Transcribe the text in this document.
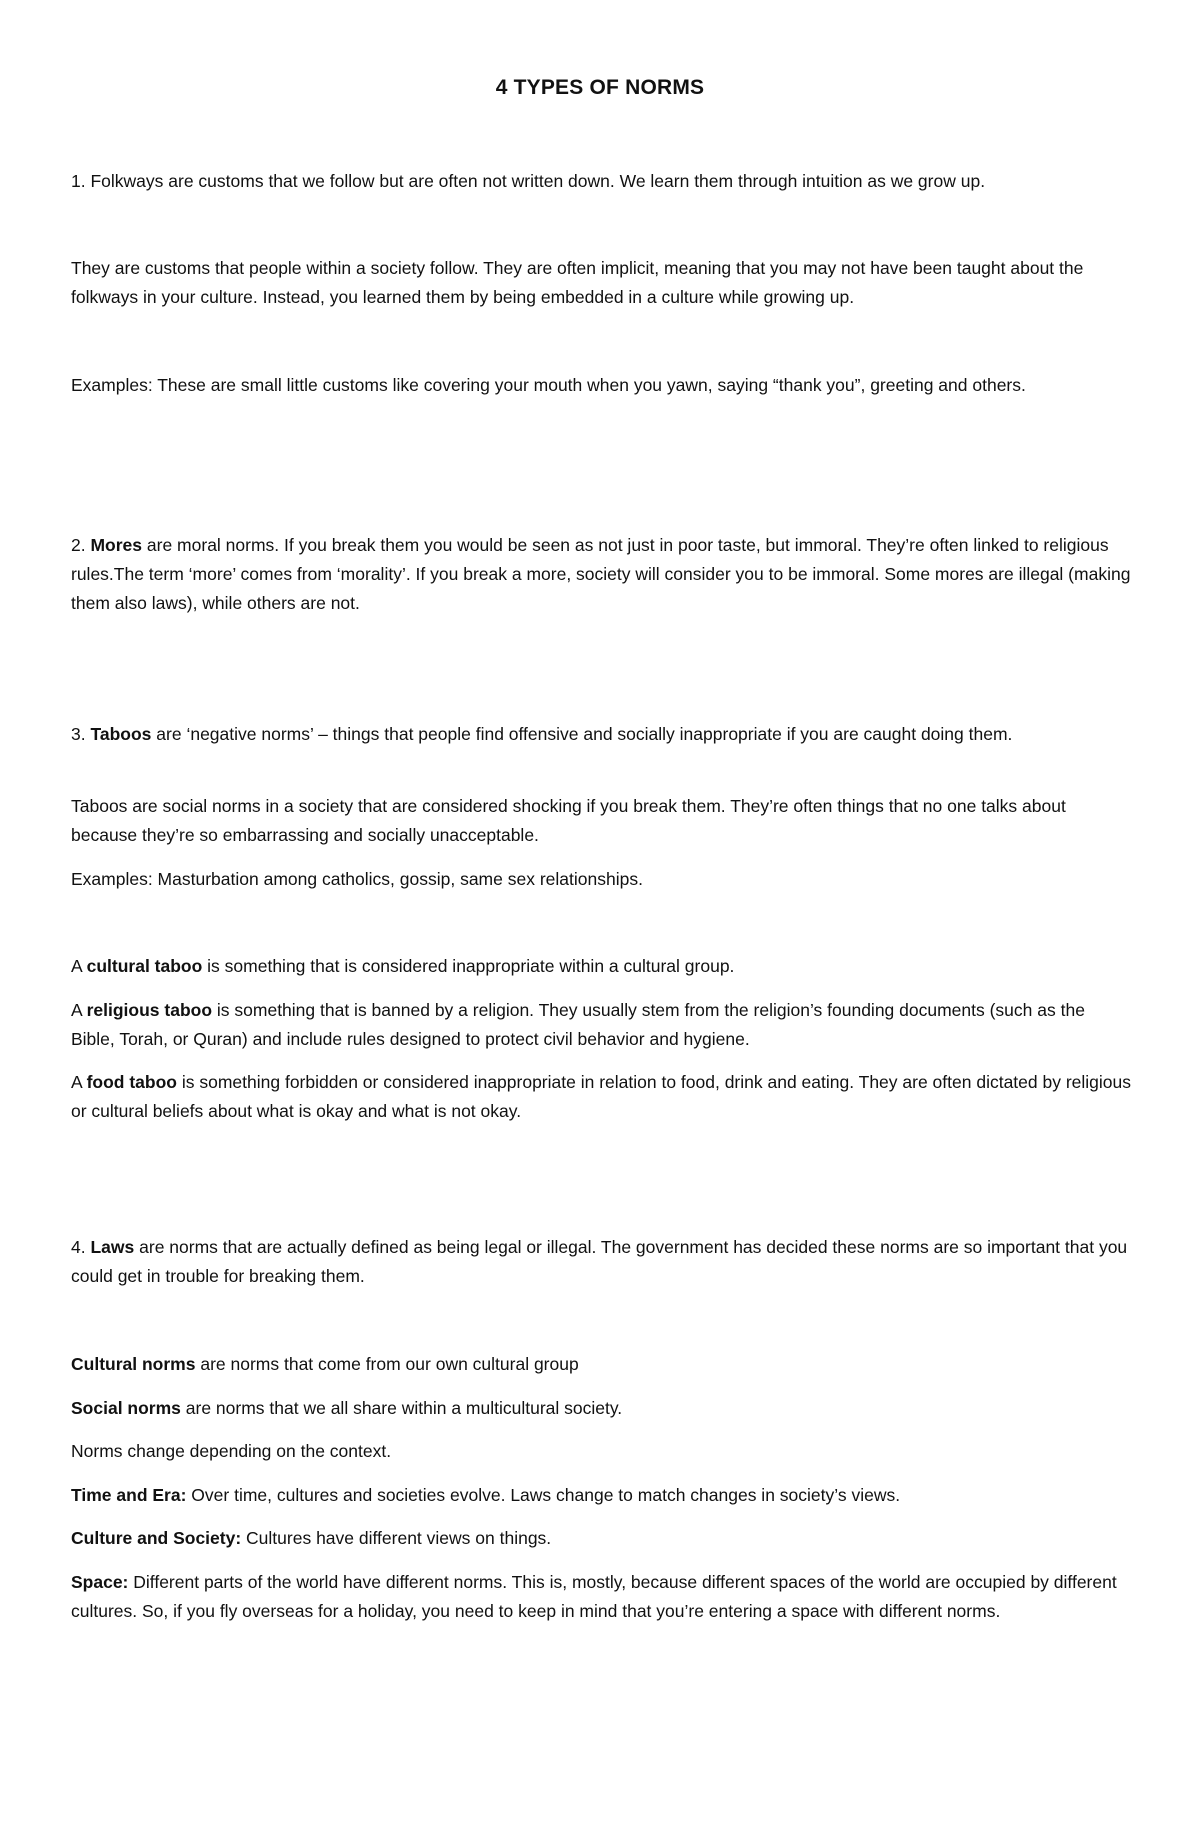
4 TYPES OF NORMS

1. Folkways are customs that we follow but are often not written down. We learn them through intuition as we grow up.

They are customs that people within a society follow. They are often implicit, meaning that you may not have been taught about the folkways in your culture. Instead, you learned them by being embedded in a culture while growing up.

Examples: These are small little customs like covering your mouth when you yawn, saying “thank you”, greeting and others.

2. Mores are moral norms. If you break them you would be seen as not just in poor taste, but immoral. They’re often linked to religious rules.The term ‘more’ comes from ‘morality’. If you break a more, society will consider you to be immoral. Some mores are illegal (making them also laws), while others are not.

3. Taboos are ‘negative norms’ – things that people find offensive and socially inappropriate if you are caught doing them.

Taboos are social norms in a society that are considered shocking if you break them. They’re often things that no one talks about because they’re so embarrassing and socially unacceptable.

Examples: Masturbation among catholics, gossip, same sex relationships.

A cultural taboo is something that is considered inappropriate within a cultural group.

A religious taboo is something that is banned by a religion. They usually stem from the religion’s founding documents (such as the Bible, Torah, or Quran) and include rules designed to protect civil behavior and hygiene.

A food taboo is something forbidden or considered inappropriate in relation to food, drink and eating. They are often dictated by religious or cultural beliefs about what is okay and what is not okay.

4. Laws are norms that are actually defined as being legal or illegal. The government has decided these norms are so important that you could get in trouble for breaking them.

Cultural norms are norms that come from our own cultural group

Social norms are norms that we all share within a multicultural society.

Norms change depending on the context.

Time and Era: Over time, cultures and societies evolve. Laws change to match changes in society’s views.

Culture and Society: Cultures have different views on things.

Space: Different parts of the world have different norms. This is, mostly, because different spaces of the world are occupied by different cultures. So, if you fly overseas for a holiday, you need to keep in mind that you’re entering a space with different norms.
